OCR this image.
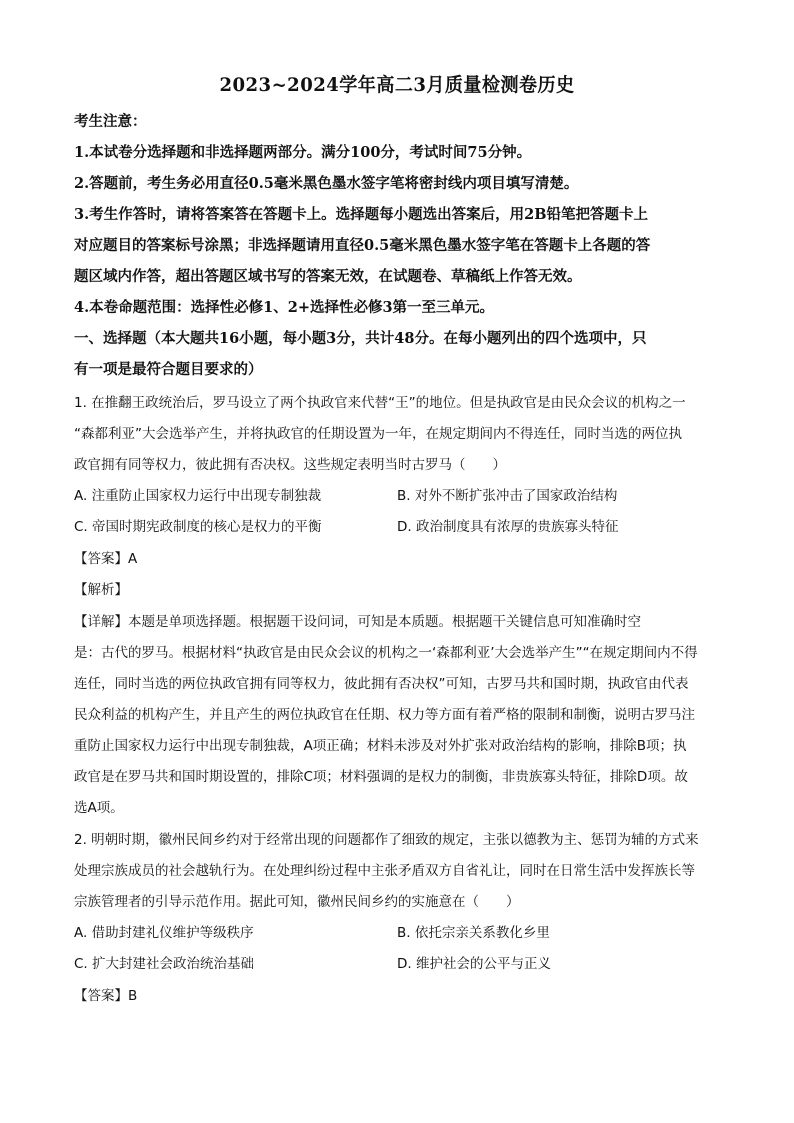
2023~2024学年高二3月质量检测卷历史
考生注意：
1.本试卷分选择题和非选择题两部分。满分100分，考试时间75分钟。
2.答题前，考生务必用直径0.5毫米黑色墨水签字笔将密封线内项目填写清楚。
3.考生作答时，请将答案答在答题卡上。选择题每小题选出答案后，用2B铅笔把答题卡上
对应题目的答案标号涂黑；非选择题请用直径0.5毫米黑色墨水签字笔在答题卡上各题的答
题区域内作答，超出答题区域书写的答案无效，在试题卷、草稿纸上作答无效。
4.本卷命题范围：选择性必修1、2+选择性必修3第一至三单元。
一、选择题（本大题共16小题，每小题3分，共计48分。在每小题列出的四个选项中，只
有一项是最符合题目要求的）
1. 在推翻王政统治后，罗马设立了两个执政官来代替“王”的地位。但是执政官是由民众会议的机构之一
“森都利亚”大会选举产生，并将执政官的任期设置为一年，在规定期间内不得连任，同时当选的两位执
政官拥有同等权力，彼此拥有否决权。这些规定表明当时古罗马（　　）
A. 注重防止国家权力运行中出现专制独裁	B. 对外不断扩张冲击了国家政治结构
C. 帝国时期宪政制度的核心是权力的平衡	D. 政治制度具有浓厚的贵族寡头特征
【答案】A
【解析】
【详解】本题是单项选择题。根据题干设问词，可知是本质题。根据题干关键信息可知准确时空
是：古代的罗马。根据材料“执政官是由民众会议的机构之一‘森都利亚’大会选举产生”“在规定期间内不得
连任，同时当选的两位执政官拥有同等权力，彼此拥有否决权”可知，古罗马共和国时期，执政官由代表
民众利益的机构产生，并且产生的两位执政官在任期、权力等方面有着严格的限制和制衡，说明古罗马注
重防止国家权力运行中出现专制独裁，A项正确；材料未涉及对外扩张对政治结构的影响，排除B项；执
政官是在罗马共和国时期设置的，排除C项；材料强调的是权力的制衡，非贵族寡头特征，排除D项。故
选A项。
2. 明朝时期，徽州民间乡约对于经常出现的问题都作了细致的规定，主张以德教为主、惩罚为辅的方式来
处理宗族成员的社会越轨行为。在处理纠纷过程中主张矛盾双方自省礼让，同时在日常生活中发挥族长等
宗族管理者的引导示范作用。据此可知，徽州民间乡约的实施意在（　　）
A. 借助封建礼仪维护等级秩序	B. 依托宗亲关系教化乡里
C. 扩大封建社会政治统治基础	D. 维护社会的公平与正义
【答案】B
